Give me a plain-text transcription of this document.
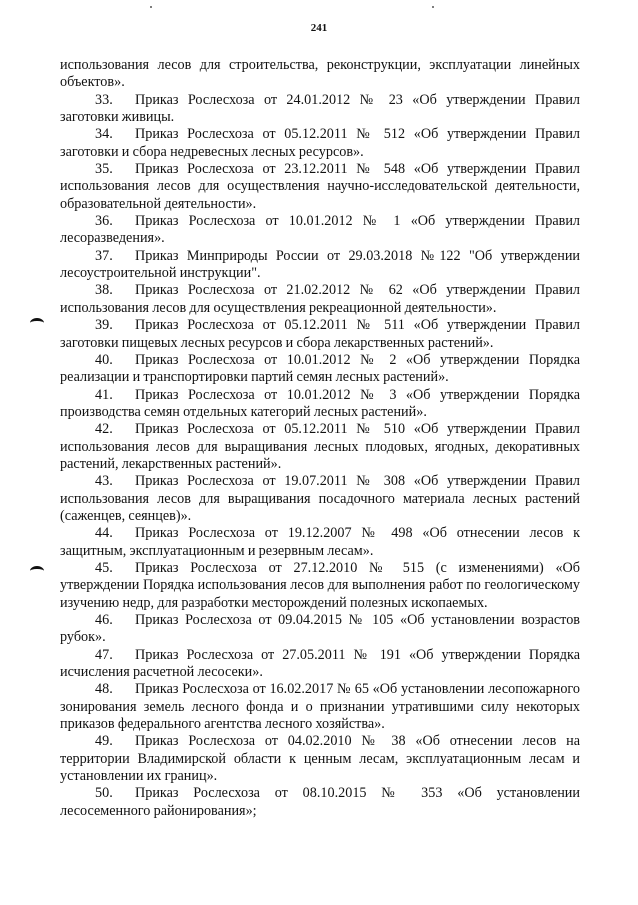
241

использования лесов для строительства, реконструкции, эксплуатации линейных объектов».

33. Приказ Рослесхоза от 24.01.2012 № 23 «Об утверждении Правил заготовки живицы.

34. Приказ Рослесхоза от 05.12.2011 № 512 «Об утверждении Правил заготовки и сбора недревесных лесных ресурсов».

35. Приказ Рослесхоза от 23.12.2011 № 548 «Об утверждении Правил использования лесов для осуществления научно-исследовательской деятельности, образовательной деятельности».

36. Приказ Рослесхоза от 10.01.2012 № 1 «Об утверждении Правил лесоразведения».

37. Приказ Минприроды России от 29.03.2018 №122 "Об утверждении лесоустроительной инструкции".

38. Приказ Рослесхоза от 21.02.2012 № 62 «Об утверждении Правил использования лесов для осуществления рекреационной деятельности».

39. Приказ Рослесхоза от 05.12.2011 № 511 «Об утверждении Правил заготовки пищевых лесных ресурсов и сбора лекарственных растений».

40. Приказ Рослесхоза от 10.01.2012 № 2 «Об утверждении Порядка реализации и транспортировки партий семян лесных растений».

41. Приказ Рослесхоза от 10.01.2012 № 3 «Об утверждении Порядка производства семян отдельных категорий лесных растений».

42. Приказ Рослесхоза от 05.12.2011 № 510 «Об утверждении Правил использования лесов для выращивания лесных плодовых, ягодных, декоративных растений, лекарственных растений».

43. Приказ Рослесхоза от 19.07.2011 № 308 «Об утверждении Правил использования лесов для выращивания посадочного материала лесных растений (саженцев, сеянцев)».

44. Приказ Рослесхоза от 19.12.2007 № 498 «Об отнесении лесов к защитным, эксплуатационным и резервным лесам».

45. Приказ Рослесхоза от 27.12.2010 № 515 (с изменениями) «Об утверждении Порядка использования лесов для выполнения работ по геологическому изучению недр, для разработки месторождений полезных ископаемых.

46. Приказ Рослесхоза от 09.04.2015 № 105 «Об установлении возрастов рубок».

47. Приказ Рослесхоза от 27.05.2011 № 191 «Об утверждении Порядка исчисления расчетной лесосеки».

48. Приказ Рослесхоза от 16.02.2017 № 65 «Об установлении лесопожарного зонирования земель лесного фонда и о признании утратившими силу некоторых приказов федерального агентства лесного хозяйства».

49. Приказ Рослесхоза от 04.02.2010 № 38 «Об отнесении лесов на территории Владимирской области к ценным лесам, эксплуатационным лесам и установлении их границ».

50. Приказ Рослесхоза от 08.10.2015 № 353 «Об установлении лесосеменного районирования»;
